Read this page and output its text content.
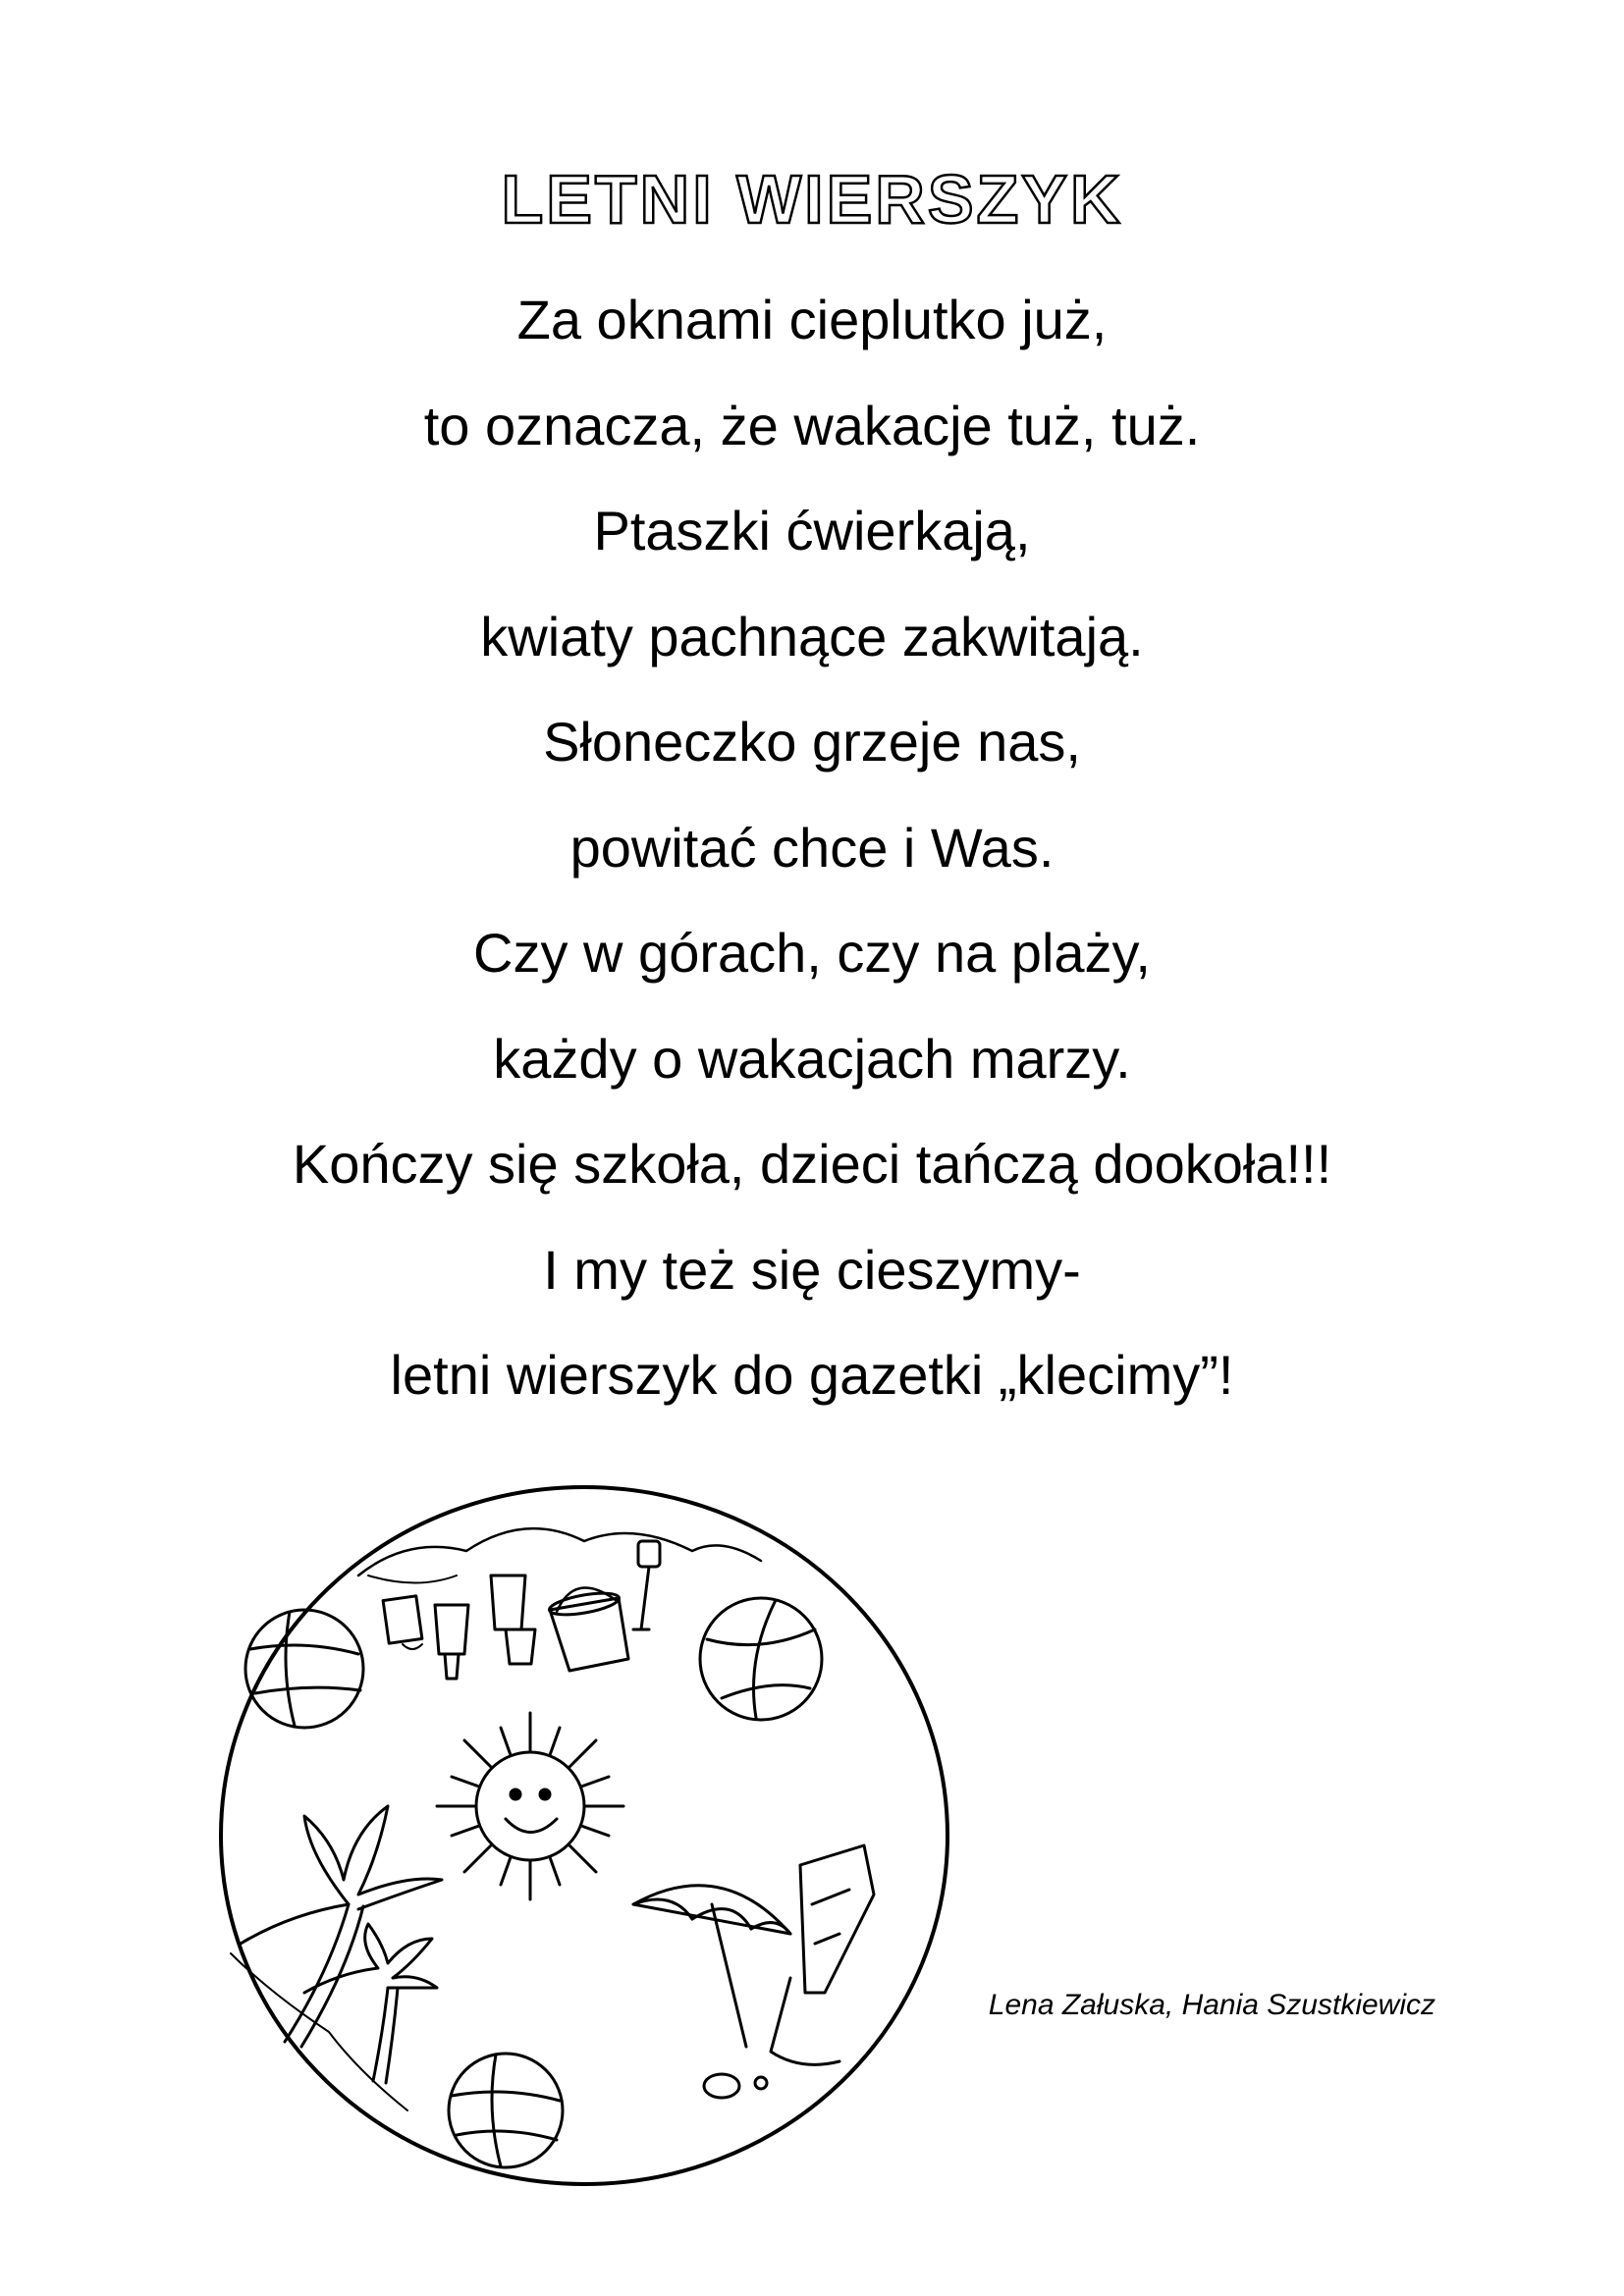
LETNI WIERSZYK
Za oknami cieplutko już,
to oznacza, że wakacje tuż, tuż.
Ptaszki ćwierkają,
kwiaty pachnące zakwitają.
Słoneczko grzeje nas,
powitać chce i Was.
Czy w górach, czy na plaży,
każdy o wakacjach marzy.
Kończy się szkoła, dzieci tańczą dookoła!!!
I my też się cieszymy-
letni wierszyk do gazetki „klecimy”!
Lena Załuska, Hania Szustkiewicz
